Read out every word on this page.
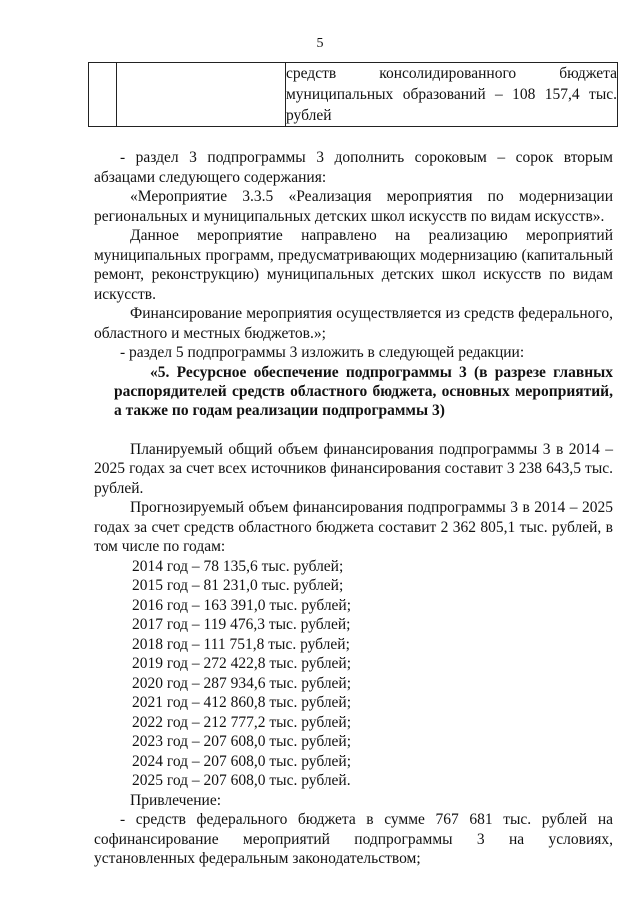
5
		средств консолидированного бюджета муниципальных образований – 108 157,4 тыс. рублей

- раздел 3 подпрограммы 3 дополнить сороковым – сорок вторым абзацами следующего содержания:

«Мероприятие 3.3.5 «Реализация мероприятия по модернизации региональных и муниципальных детских школ искусств по видам искусств».

Данное мероприятие направлено на реализацию мероприятий муниципальных программ, предусматривающих модернизацию (капитальный ремонт, реконструкцию) муниципальных детских школ искусств по видам искусств.

Финансирование мероприятия осуществляется из средств федерального, областного и местных бюджетов.»;

- раздел 5 подпрограммы 3 изложить в следующей редакции:

«5. Ресурсное обеспечение подпрограммы 3 (в разрезе главных распорядителей средств областного бюджета, основных мероприятий, а также по годам реализации подпрограммы 3)

Планируемый общий объем финансирования подпрограммы 3 в 2014 – 2025 годах за счет всех источников финансирования составит 3 238 643,5 тыс. рублей.

Прогнозируемый объем финансирования подпрограммы 3 в 2014 – 2025 годах за счет средств областного бюджета составит 2 362 805,1 тыс. рублей, в том числе по годам:

2014 год – 78 135,6 тыс. рублей;
2015 год – 81 231,0 тыс. рублей;
2016 год – 163 391,0 тыс. рублей;
2017 год – 119 476,3 тыс. рублей;
2018 год – 111 751,8 тыс. рублей;
2019 год – 272 422,8 тыс. рублей;
2020 год – 287 934,6 тыс. рублей;
2021 год – 412 860,8 тыс. рублей;
2022 год – 212 777,2 тыс. рублей;
2023 год – 207 608,0 тыс. рублей;
2024 год – 207 608,0 тыс. рублей;
2025 год – 207 608,0 тыс. рублей.

Привлечение:

- средств федерального бюджета в сумме 767 681 тыс. рублей на софинансирование мероприятий подпрограммы 3 на условиях, установленных федеральным законодательством;
